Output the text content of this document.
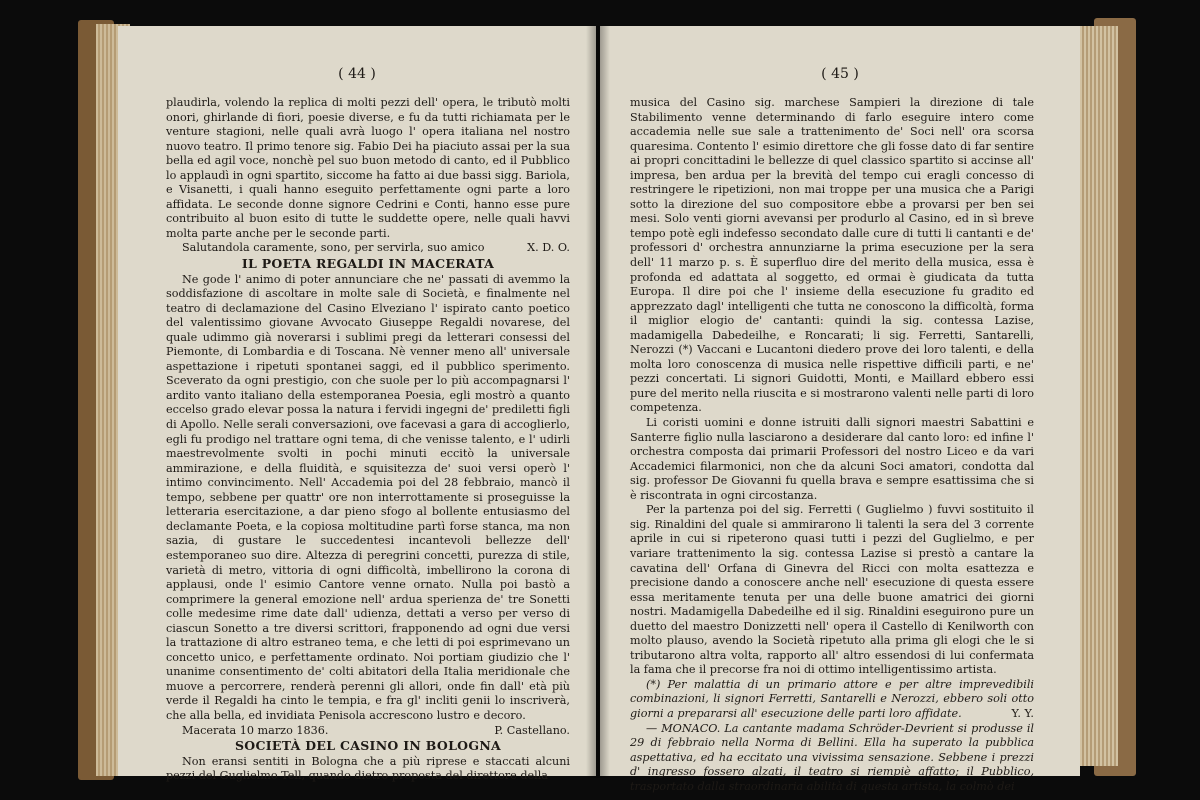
( 44 )

plaudirla, volendo la replica di molti pezzi dell' opera, le tributò molti onori, ghirlande di fiori, poesie diverse, e fu da tutti richiamata per le venture stagioni, nelle quali avrà luogo l' opera italiana nel nostro nuovo teatro. Il primo tenore sig. Fabio Dei ha piaciuto assai per la sua bella ed agil voce, nonchè pel suo buon metodo di canto, ed il Pubblico lo applaudì in ogni spartito, siccome ha fatto ai due bassi sigg. Bariola, e Visanetti, i quali hanno eseguito perfettamente ogni parte a loro affidata. Le seconde donne signore Cedrini e Conti, hanno esse pure contribuito al buon esito di tutte le suddette opere, nelle quali havvi molta parte anche per le seconde parti.

Salutandola caramente, sono, per servirla, suo amico	X. D. O.

IL POETA REGALDI IN MACERATA

Ne gode l' animo di poter annunciare che ne' passati di avemmo la soddisfazione di ascoltare in molte sale di Società, e finalmente nel teatro di declamazione del Casino Elveziano l' ispirato canto poetico del valentissimo giovane Avvocato Giuseppe Regaldi novarese, del quale udimmo già noverarsi i sublimi pregi da letterari consessi del Piemonte, di Lombardia e di Toscana. Nè venner meno all' universale aspettazione i ripetuti spontanei saggi, ed il pubblico sperimento. Sceverato da ogni prestigio, con che suole per lo più accompagnarsi l' ardito vanto italiano della estemporanea Poesia, egli mostrò a quanto eccelso grado elevar possa la natura i fervidi ingegni de' prediletti figli di Apollo. Nelle serali conversazioni, ove facevasi a gara di accoglierlo, egli fu prodigo nel trattare ogni tema, di che venisse talento, e l' udirli maestrevolmente svolti in pochi minuti eccitò la universale ammirazione, e della fluidità, e squisitezza de' suoi versi operò l' intimo convincimento. Nell' Accademia poi del 28 febbraio, mancò il tempo, sebbene per quattr' ore non interrottamente si proseguisse la letteraria esercitazione, a dar pieno sfogo al bollente entusiasmo del declamante Poeta, e la copiosa moltitudine partì forse stanca, ma non sazia, di gustare le succedentesi incantevoli bellezze dell' estemporaneo suo dire. Altezza di peregrini concetti, purezza di stile, varietà di metro, vittoria di ogni difficoltà, imbellirono la corona di applausi, onde l' esimio Cantore venne ornato. Nulla poi bastò a comprimere la general emozione nell' ardua sperienza de' tre Sonetti colle medesime rime date dall' udienza, dettati a verso per verso di ciascun Sonetto a tre diversi scrittori, frapponendo ad ogni due versi la trattazione di altro estraneo tema, e che letti di poi esprimevano un concetto unico, e perfettamente ordinato. Noi portiam giudizio che l' unanime consentimento de' colti abitatori della Italia meridionale che muove a percorrere, renderà perenni gli allori, onde fin dall' età più verde il Regaldi ha cinto le tempia, e fra gl' incliti genii lo inscriverà, che alla bella, ed invidiata Penisola accrescono lustro e decoro.

Macerata 10 marzo 1836.	P. Castellano.

SOCIETÀ DEL CASINO IN BOLOGNA

Non eransi sentiti in Bologna che a più riprese e staccati alcuni pezzi del Guglielmo Tell, quando dietro proposta del direttore della

( 45 )

musica del Casino sig. marchese Sampieri la direzione di tale Stabilimento venne determinando di farlo eseguire intero come accademia nelle sue sale a trattenimento de' Soci nell' ora scorsa quaresima. Contento l' esimio direttore che gli fosse dato di far sentire ai propri concittadini le bellezze di quel classico spartito si accinse all' impresa, ben ardua per la brevità del tempo cui eragli concesso di restringere le ripetizioni, non mai troppe per una musica che a Parigi sotto la direzione del suo compositore ebbe a provarsi per ben sei mesi. Solo venti giorni avevansi per produrlo al Casino, ed in sì breve tempo potè egli indefesso secondato dalle cure di tutti li cantanti e de' professori d' orchestra annunziarne la prima esecuzione per la sera dell' 11 marzo p. s. È superfluo dire del merito della musica, essa è profonda ed adattata al soggetto, ed ormai è giudicata da tutta Europa. Il dire poi che l' insieme della esecuzione fu gradito ed apprezzato dagl' intelligenti che tutta ne conoscono la difficoltà, forma il miglior elogio de' cantanti: quindi la sig. contessa Lazise, madamigella Dabedeilhe, e Roncarati; li sig. Ferretti, Santarelli, Nerozzi (*) Vaccani e Lucantoni diedero prove dei loro talenti, e della molta loro conoscenza di musica nelle rispettive difficili parti, e ne' pezzi concertati. Li signori Guidotti, Monti, e Maillard ebbero essi pure del merito nella riuscita e si mostrarono valenti nelle parti di loro competenza.

Li coristi uomini e donne istruiti dalli signori maestri Sabattini e Santerre figlio nulla lasciarono a desiderare dal canto loro: ed infine l' orchestra composta dai primarii Professori del nostro Liceo e da vari Accademici filarmonici, non che da alcuni Soci amatori, condotta dal sig. professor De Giovanni fu quella brava e sempre esattissima che si è riscontrata in ogni circostanza.

Per la partenza poi del sig. Ferretti ( Guglielmo ) fuvvi sostituito il sig. Rinaldini del quale si ammirarono li talenti la sera del 3 corrente aprile in cui si ripeterono quasi tutti i pezzi del Guglielmo, e per variare trattenimento la sig. contessa Lazise si prestò a cantare la cavatina dell' Orfana di Ginevra del Ricci con molta esattezza e precisione dando a conoscere anche nell' esecuzione di questa essere essa meritamente tenuta per una delle buone amatrici dei giorni nostri. Madamigella Dabedeilhe ed il sig. Rinaldini eseguirono pure un duetto del maestro Donizzetti nell' opera il Castello di Kenilworth con molto plauso, avendo la Società ripetuto alla prima gli elogi che le si tributarono altra volta, rapporto all' altro essendosi di lui confermata la fama che il precorse fra noi di ottimo intelligentissimo artista.

(*) Per malattia di un primario attore e per altre imprevedibili combinazioni, li signori Ferretti, Santarelli e Nerozzi, ebbero soli otto giorni a prepararsi all' esecuzione delle parti loro affidate.	Y. Y.

— MONACO. La cantante madama Schröder-Devrient si produsse il 29 di febbraio nella Norma di Bellini. Ella ha superato la pubblica aspettativa, ed ha eccitato una vivissima sensazione. Sebbene i prezzi d' ingresso fossero alzati, il teatro si riempiè affatto; il Pubblico, trasportato dalla straordinaria abilità di questa artista, la colmò dei
